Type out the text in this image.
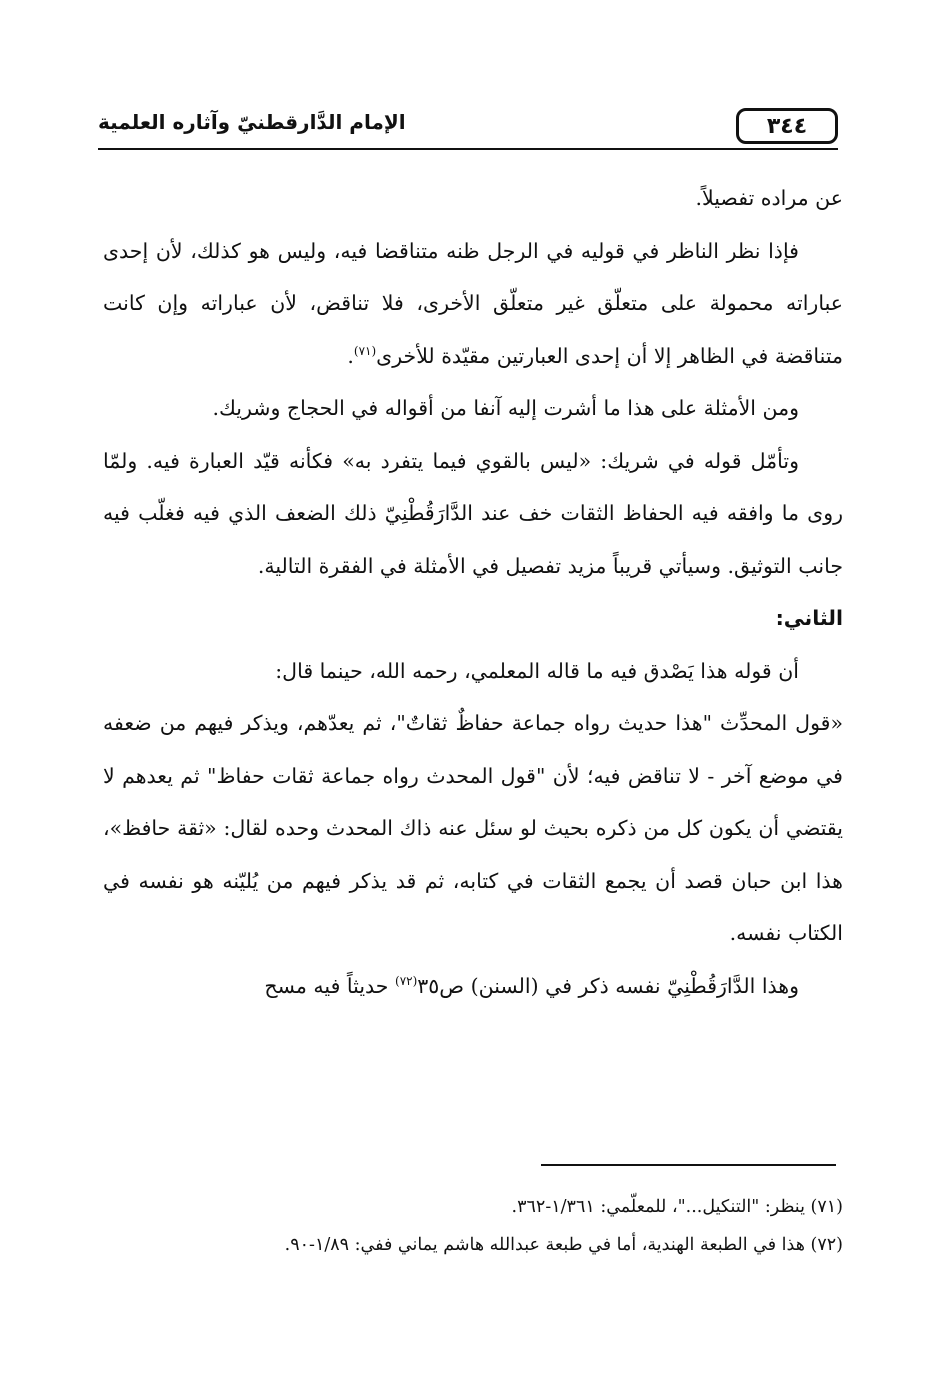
٣٤٤
الإمام الدَّارقطنيّ وآثاره العلمية

عن مراده تفصيلاً.

فإذا نظر الناظر في قوليه في الرجل ظنه متناقضا فيه، وليس هو كذلك، لأن إحدى عباراته محمولة على متعلّق غير متعلّق الأخرى، فلا تناقض، لأن عباراته وإن كانت متناقضة في الظاهر إلا أن إحدى العبارتين مقيّدة للأخرى$^{(٧١)}$.

ومن الأمثلة على هذا ما أشرت إليه آنفا من أقواله في الحجاج وشريك.

وتأمّل قوله في شريك: «ليس بالقوي فيما يتفرد به» فكأنه قيّد العبارة فيه. ولمّا روى ما وافقه فيه الحفاظ الثقات خف عند الدَّارَقُطْنِيّ ذلك الضعف الذي فيه فغلّب فيه جانب التوثيق. وسيأتي قريباً مزيد تفصيل في الأمثلة في الفقرة التالية.

الثاني:

أن قوله هذا يَصْدق فيه ما قاله المعلمي، رحمه الله، حينما قال:

«قول المحدِّث "هذا حديث رواه جماعة حفاظٌ ثقاتٌ"، ثم يعدّهم، ويذكر فيهم من ضعفه في موضع آخر - لا تناقض فيه؛ لأن "قول المحدث رواه جماعة ثقات حفاظ" ثم يعدهم لا يقتضي أن يكون كل من ذكره بحيث لو سئل عنه ذاك المحدث وحده لقال: «ثقة حافظ»، هذا ابن حبان قصد أن يجمع الثقات في كتابه، ثم قد يذكر فيهم من يُليّنه هو نفسه في الكتاب نفسه.

وهذا الدَّارَقُطْنِيّ نفسه ذكر في (السنن) ص٣٥$^{(٧٢)}$ حديثاً فيه مسح

(٧١) ينظر: "التنكيل..."، للمعلّمي: ١/٣٦١-٣٦٢.

(٧٢) هذا في الطبعة الهندية، أما في طبعة عبدالله هاشم يماني ففي: ١/٨٩-٩٠.
